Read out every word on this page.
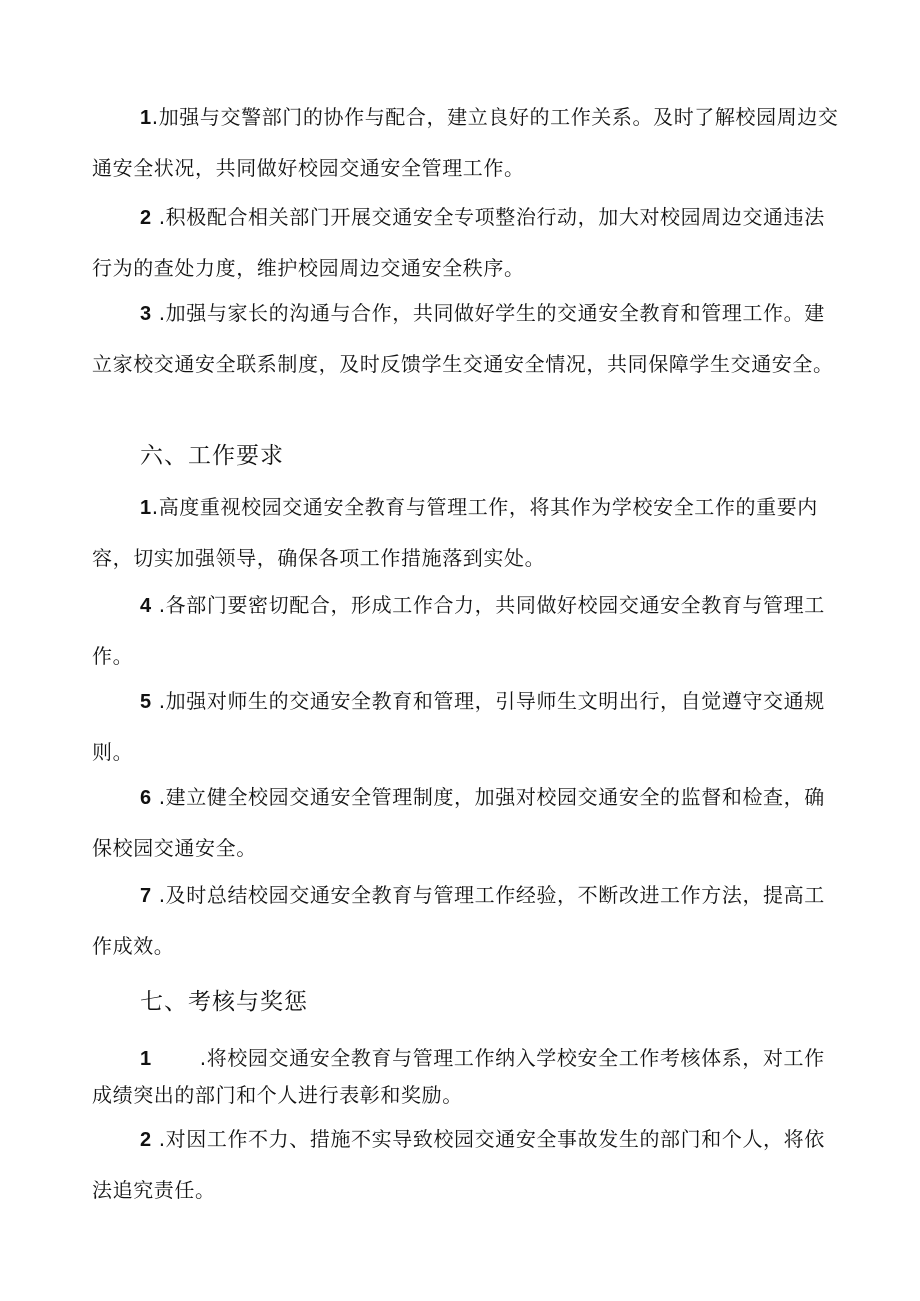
1.加强与交警部门的协作与配合，建立良好的工作关系。及时了解校园周边交通安全状况，共同做好校园交通安全管理工作。

2 .积极配合相关部门开展交通安全专项整治行动，加大对校园周边交通违法行为的查处力度，维护校园周边交通安全秩序。

3 .加强与家长的沟通与合作，共同做好学生的交通安全教育和管理工作。建立家校交通安全联系制度，及时反馈学生交通安全情况，共同保障学生交通安全。

六、工作要求

1.高度重视校园交通安全教育与管理工作，将其作为学校安全工作的重要内容，切实加强领导，确保各项工作措施落到实处。

4 .各部门要密切配合，形成工作合力，共同做好校园交通安全教育与管理工作。

5 .加强对师生的交通安全教育和管理，引导师生文明出行，自觉遵守交通规则。

6 .建立健全校园交通安全管理制度，加强对校园交通安全的监督和检查，确保校园交通安全。

7 .及时总结校园交通安全教育与管理工作经验，不断改进工作方法，提高工作成效。

七、考核与奖惩

1 .将校园交通安全教育与管理工作纳入学校安全工作考核体系，对工作成绩突出的部门和个人进行表彰和奖励。

2 .对因工作不力、措施不实导致校园交通安全事故发生的部门和个人，将依法追究责任。
